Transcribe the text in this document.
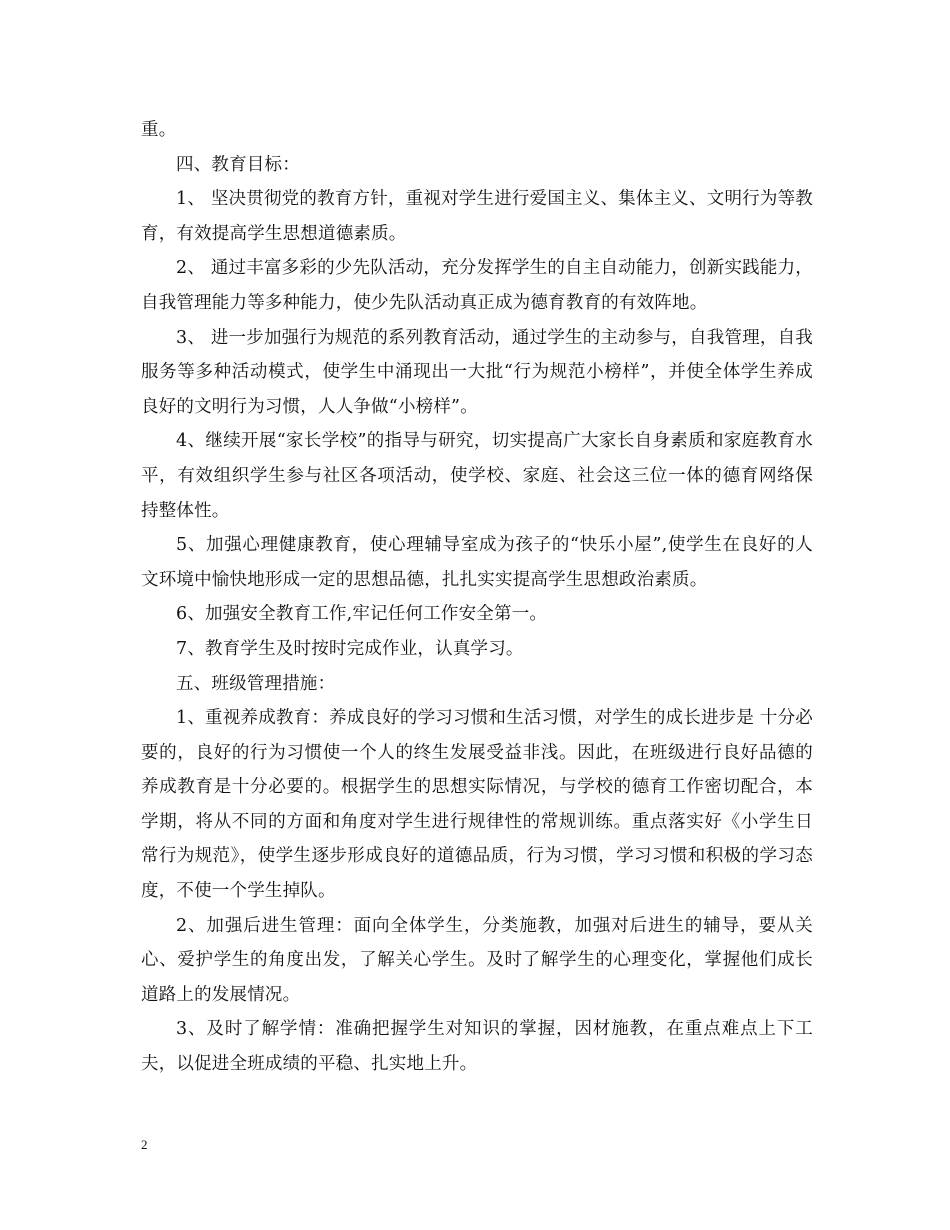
重。

四、教育目标：

1、 坚决贯彻党的教育方针，重视对学生进行爱国主义、集体主义、文明行为等教育，有效提高学生思想道德素质。

2、 通过丰富多彩的少先队活动，充分发挥学生的自主自动能力，创新实践能力，自我管理能力等多种能力，使少先队活动真正成为德育教育的有效阵地。

3、 进一步加强行为规范的系列教育活动，通过学生的主动参与，自我管理，自我服务等多种活动模式，使学生中涌现出一大批“行为规范小榜样”，并使全体学生养成良好的文明行为习惯，人人争做“小榜样”。

4、继续开展“家长学校”的指导与研究，切实提高广大家长自身素质和家庭教育水平，有效组织学生参与社区各项活动，使学校、家庭、社会这三位一体的德育网络保持整体性。

5、加强心理健康教育，使心理辅导室成为孩子的“快乐小屋”,使学生在良好的人文环境中愉快地形成一定的思想品德，扎扎实实提高学生思想政治素质。

6、加强安全教育工作,牢记任何工作安全第一。

7、教育学生及时按时完成作业，认真学习。

五、班级管理措施：

1、重视养成教育：养成良好的学习习惯和生活习惯，对学生的成长进步是 十分必要的，良好的行为习惯使一个人的终生发展受益非浅。因此，在班级进行良好品德的养成教育是十分必要的。根据学生的思想实际情况，与学校的德育工作密切配合，本学期，将从不同的方面和角度对学生进行规律性的常规训练。重点落实好《小学生日常行为规范》，使学生逐步形成良好的道德品质，行为习惯，学习习惯和积极的学习态度，不使一个学生掉队。

2、加强后进生管理：面向全体学生，分类施教，加强对后进生的辅导，要从关心、爱护学生的角度出发，了解关心学生。及时了解学生的心理变化，掌握他们成长道路上的发展情况。

3、及时了解学情：准确把握学生对知识的掌握，因材施教，在重点难点上下工夫，以促进全班成绩的平稳、扎实地上升。

2
